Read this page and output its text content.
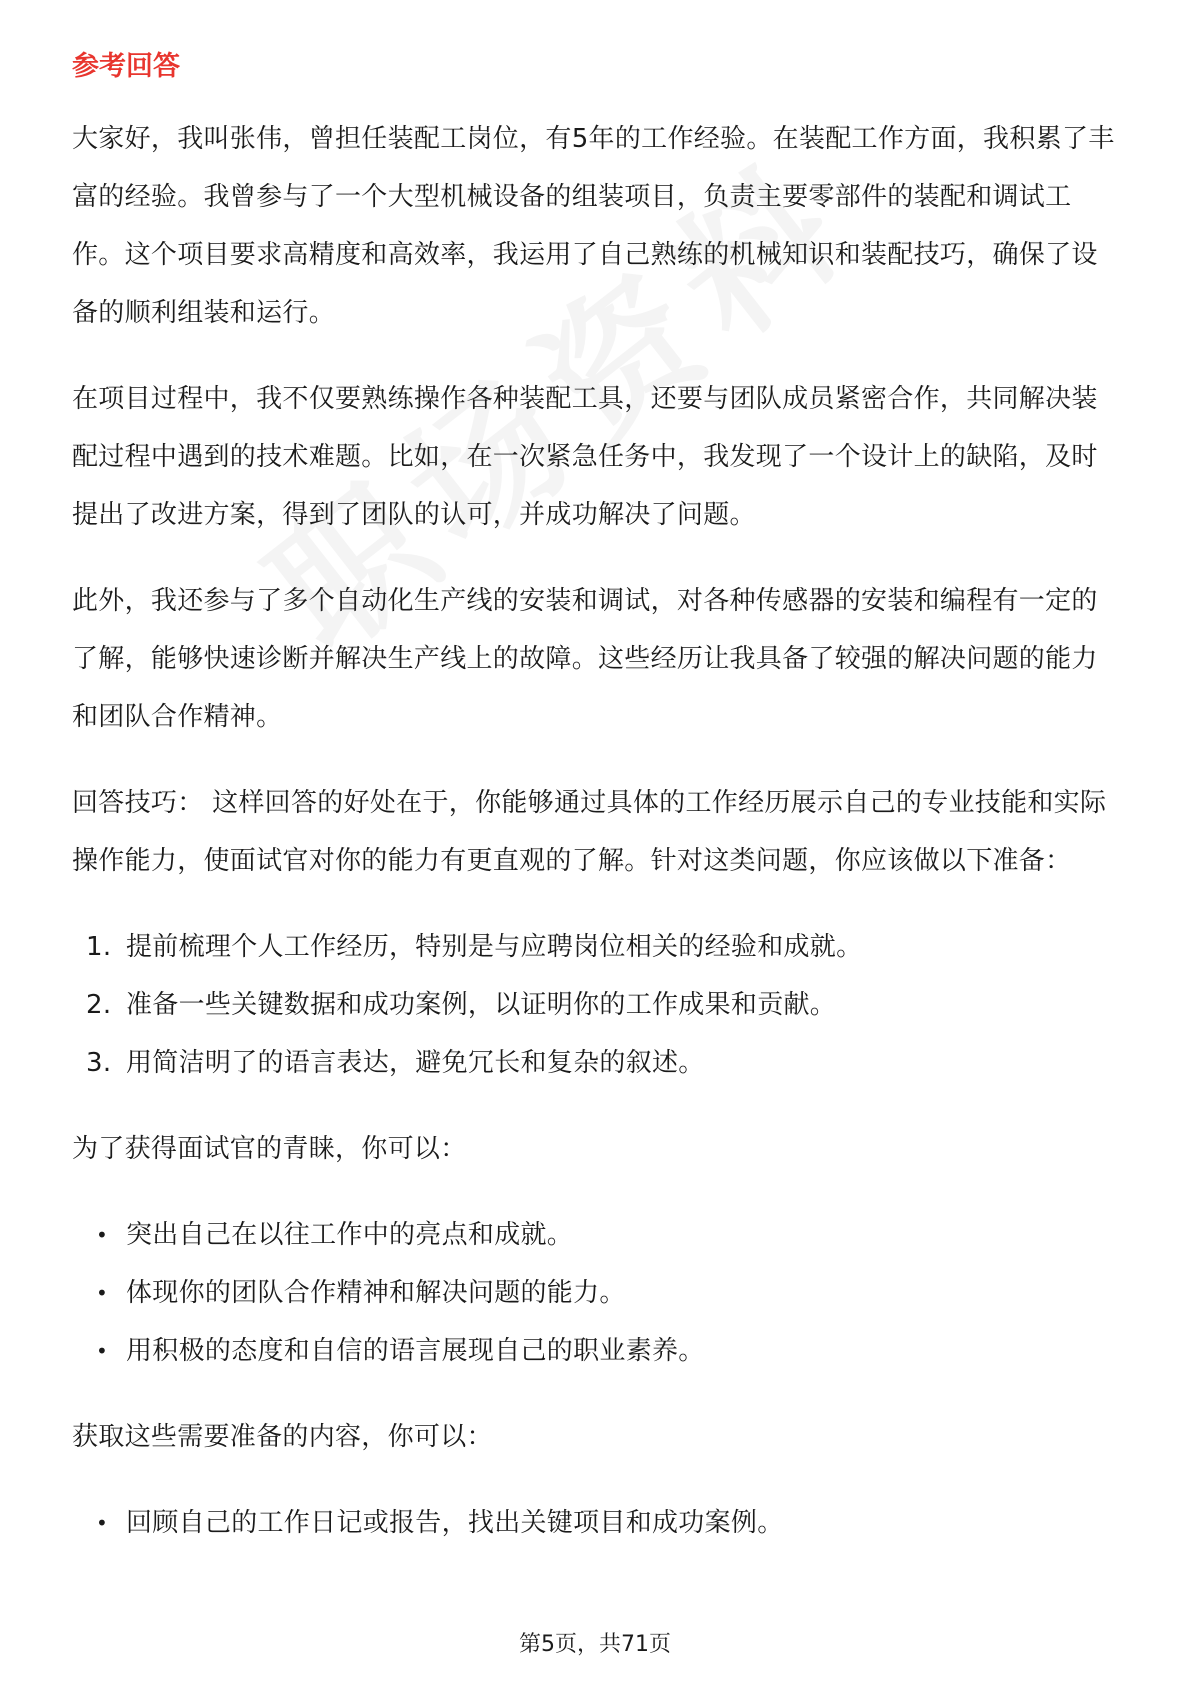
参考回答

大家好，我叫张伟，曾担任装配工岗位，有5年的工作经验。在装配工作方面，我积累了丰富的经验。我曾参与了一个大型机械设备的组装项目，负责主要零部件的装配和调试工作。这个项目要求高精度和高效率，我运用了自己熟练的机械知识和装配技巧，确保了设备的顺利组装和运行。

在项目过程中，我不仅要熟练操作各种装配工具，还要与团队成员紧密合作，共同解决装配过程中遇到的技术难题。比如，在一次紧急任务中，我发现了一个设计上的缺陷，及时提出了改进方案，得到了团队的认可，并成功解决了问题。

此外，我还参与了多个自动化生产线的安装和调试，对各种传感器的安装和编程有一定的了解，能够快速诊断并解决生产线上的故障。这些经历让我具备了较强的解决问题的能力和团队合作精神。

回答技巧： 这样回答的好处在于，你能够通过具体的工作经历展示自己的专业技能和实际操作能力，使面试官对你的能力有更直观的了解。针对这类问题，你应该做以下准备：

1. 提前梳理个人工作经历，特别是与应聘岗位相关的经验和成就。
2. 准备一些关键数据和成功案例，以证明你的工作成果和贡献。
3. 用简洁明了的语言表达，避免冗长和复杂的叙述。

为了获得面试官的青睐，你可以：

• 突出自己在以往工作中的亮点和成就。
• 体现你的团队合作精神和解决问题的能力。
• 用积极的态度和自信的语言展现自己的职业素养。

获取这些需要准备的内容，你可以：

• 回顾自己的工作日记或报告，找出关键项目和成功案例。
第5页，共71页
